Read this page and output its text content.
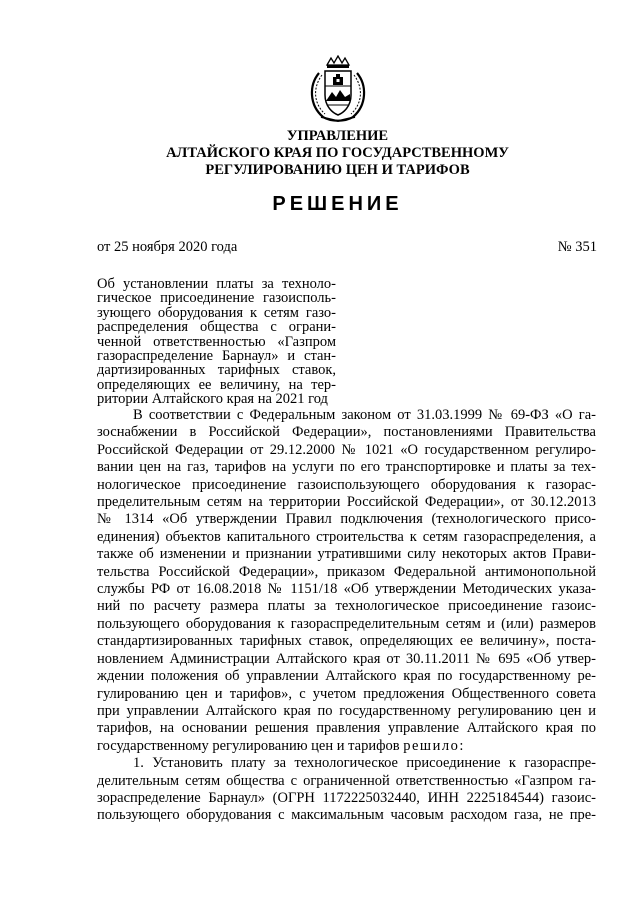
УПРАВЛЕНИЕ
АЛТАЙСКОГО КРАЯ ПО ГОСУДАРСТВЕННОМУ
РЕГУЛИРОВАНИЮ ЦЕН И ТАРИФОВ
РЕШЕНИЕ
от 25 ноября 2020 года	№ 351
Об установлении платы за техноло-
гическое присоединение газоисполь-
зующего оборудования к сетям газо-
распределения общества с ограни-
ченной ответственностью «Газпром
газораспределение Барнаул» и стан-
дартизированных тарифных ставок,
определяющих ее величину, на тер-
ритории Алтайского края на 2021 год
В соответствии с Федеральным законом от 31.03.1999 № 69-ФЗ «О га-
зоснабжении в Российской Федерации», постановлениями Правительства
Российской Федерации от 29.12.2000 № 1021 «О государственном регулиро-
вании цен на газ, тарифов на услуги по его транспортировке и платы за тех-
нологическое присоединение газоиспользующего оборудования к газорас-
пределительным сетям на территории Российской Федерации», от 30.12.2013
№ 1314 «Об утверждении Правил подключения (технологического присо-
единения) объектов капитального строительства к сетям газораспределения, а
также об изменении и признании утратившими силу некоторых актов Прави-
тельства Российской Федерации», приказом Федеральной антимонопольной
службы РФ от 16.08.2018 № 1151/18 «Об утверждении Методических указа-
ний по расчету размера платы за технологическое присоединение газоис-
пользующего оборудования к газораспределительным сетям и (или) размеров
стандартизированных тарифных ставок, определяющих ее величину», поста-
новлением Администрации Алтайского края от 30.11.2011 № 695 «Об утвер-
ждении положения об управлении Алтайского края по государственному ре-
гулированию цен и тарифов», с учетом предложения Общественного совета
при управлении Алтайского края по государственному регулированию цен и
тарифов, на основании решения правления управление Алтайского края по
государственному регулированию цен и тарифов решило:
1. Установить плату за технологическое присоединение к газораспре-
делительным сетям общества с ограниченной ответственностью «Газпром га-
зораспределение Барнаул» (ОГРН 1172225032440, ИНН 2225184544) газоис-
пользующего оборудования с максимальным часовым расходом газа, не пре-
